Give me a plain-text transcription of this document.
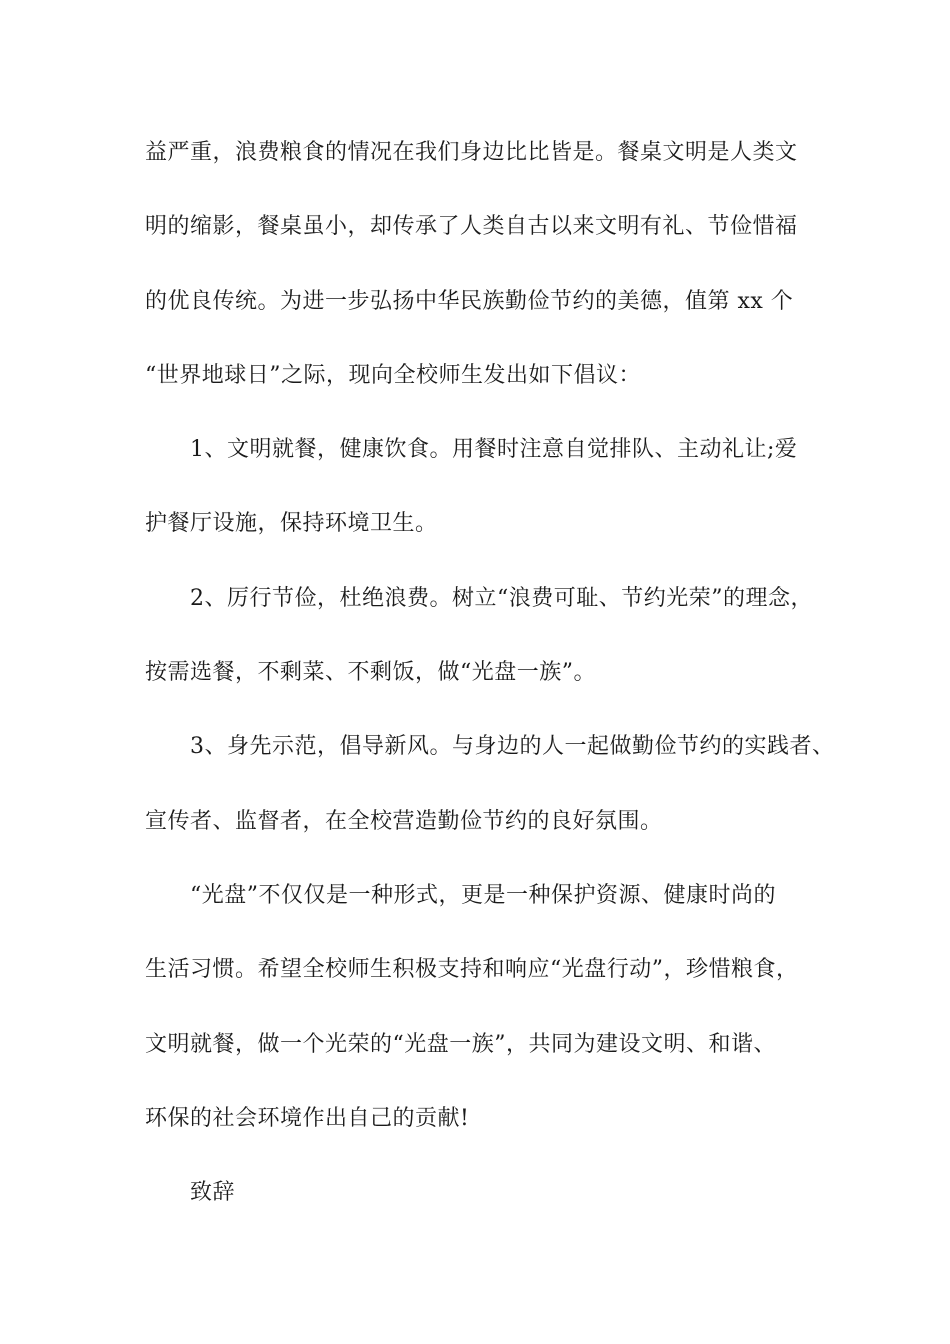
益严重，浪费粮食的情况在我们身边比比皆是。餐桌文明是人类文
明的缩影，餐桌虽小，却传承了人类自古以来文明有礼、节俭惜福
的优良传统。为进一步弘扬中华民族勤俭节约的美德，值第 xx 个
“世界地球日”之际，现向全校师生发出如下倡议：
1、文明就餐，健康饮食。用餐时注意自觉排队、主动礼让;爱
护餐厅设施，保持环境卫生。
2、厉行节俭，杜绝浪费。树立“浪费可耻、节约光荣”的理念，
按需选餐，不剩菜、不剩饭，做“光盘一族”。
3、身先示范，倡导新风。与身边的人一起做勤俭节约的实践者、
宣传者、监督者，在全校营造勤俭节约的良好氛围。
“光盘”不仅仅是一种形式，更是一种保护资源、健康时尚的
生活习惯。希望全校师生积极支持和响应“光盘行动”，珍惜粮食，
文明就餐，做一个光荣的“光盘一族”，共同为建设文明、和谐、
环保的社会环境作出自己的贡献!
致辞
